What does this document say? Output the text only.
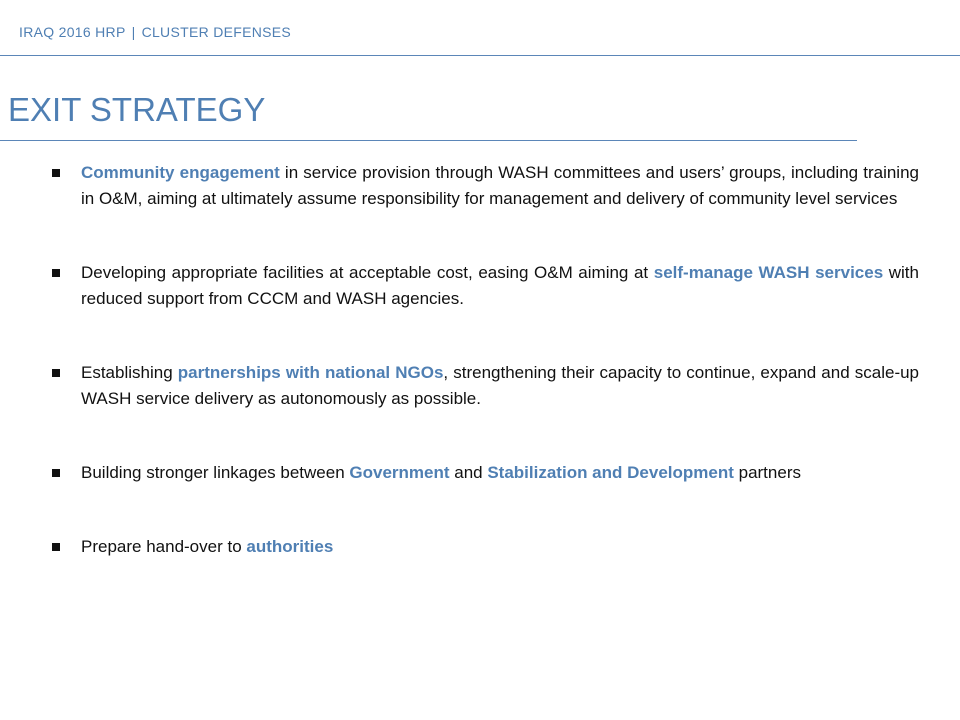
IRAQ 2016 HRP | CLUSTER DEFENSES
EXIT STRATEGY
Community engagement in service provision through WASH committees and users’ groups, including training in O&M, aiming at ultimately assume responsibility for management and delivery of community level services
Developing appropriate facilities at acceptable cost, easing O&M aiming at self-manage WASH services with reduced support from CCCM and WASH agencies.
Establishing partnerships with national NGOs, strengthening their capacity to continue, expand and scale-up WASH service delivery as autonomously as possible.
Building stronger linkages between Government and Stabilization and Development partners
Prepare hand-over to authorities
